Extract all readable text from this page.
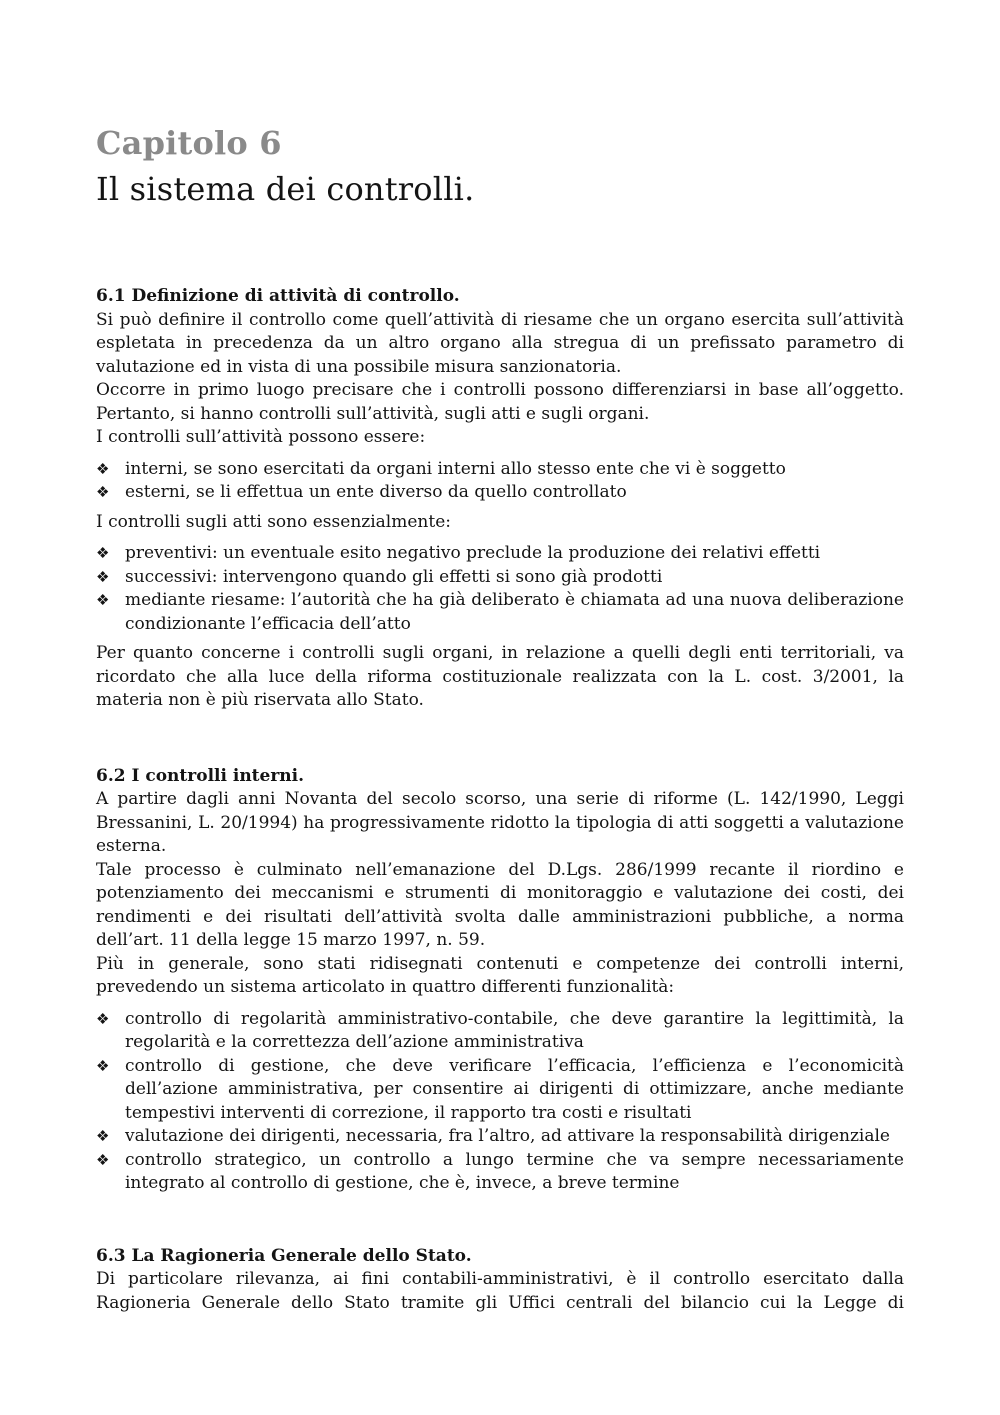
Capitolo 6
Il sistema dei controlli.
6.1 Definizione di attività di controllo.

Si può definire il controllo come quell’attività di riesame che un organo esercita sull’attività espletata in precedenza da un altro organo alla stregua di un prefissato parametro di valutazione ed in vista di una possibile misura sanzionatoria.

Occorre in primo luogo precisare che i controlli possono differenziarsi in base all’oggetto. Pertanto, si hanno controlli sull’attività, sugli atti e sugli organi.

I controlli sull’attività possono essere:

❖ interni, se sono esercitati da organi interni allo stesso ente che vi è soggetto
❖ esterni, se li effettua un ente diverso da quello controllato

I controlli sugli atti sono essenzialmente:

❖ preventivi: un eventuale esito negativo preclude la produzione dei relativi effetti
❖ successivi: intervengono quando gli effetti si sono già prodotti
❖ mediante riesame: l’autorità che ha già deliberato è chiamata ad una nuova deliberazione condizionante l’efficacia dell’atto

Per quanto concerne i controlli sugli organi, in relazione a quelli degli enti territoriali, va ricordato che alla luce della riforma costituzionale realizzata con la L. cost. 3/2001, la materia non è più riservata allo Stato.

6.2 I controlli interni.

A partire dagli anni Novanta del secolo scorso, una serie di riforme (L. 142/1990, Leggi Bressanini, L. 20/1994) ha progressivamente ridotto la tipologia di atti soggetti a valutazione esterna.

Tale processo è culminato nell’emanazione del D.Lgs. 286/1999 recante il riordino e potenziamento dei meccanismi e strumenti di monitoraggio e valutazione dei costi, dei rendimenti e dei risultati dell’attività svolta dalle amministrazioni pubbliche, a norma dell’art. 11 della legge 15 marzo 1997, n. 59.

Più in generale, sono stati ridisegnati contenuti e competenze dei controlli interni, prevedendo un sistema articolato in quattro differenti funzionalità:

❖ controllo di regolarità amministrativo-contabile, che deve garantire la legittimità, la regolarità e la correttezza dell’azione amministrativa
❖ controllo di gestione, che deve verificare l’efficacia, l’efficienza e l’economicità dell’azione amministrativa, per consentire ai dirigenti di ottimizzare, anche mediante tempestivi interventi di correzione, il rapporto tra costi e risultati
❖ valutazione dei dirigenti, necessaria, fra l’altro, ad attivare la responsabilità dirigenziale
❖ controllo strategico, un controllo a lungo termine che va sempre necessariamente integrato al controllo di gestione, che è, invece, a breve termine
6.3 La Ragioneria Generale dello Stato.

Di particolare rilevanza, ai fini contabili-amministrativi, è il controllo esercitato dalla Ragioneria Generale dello Stato tramite gli Uffici centrali del bilancio cui la Legge di
